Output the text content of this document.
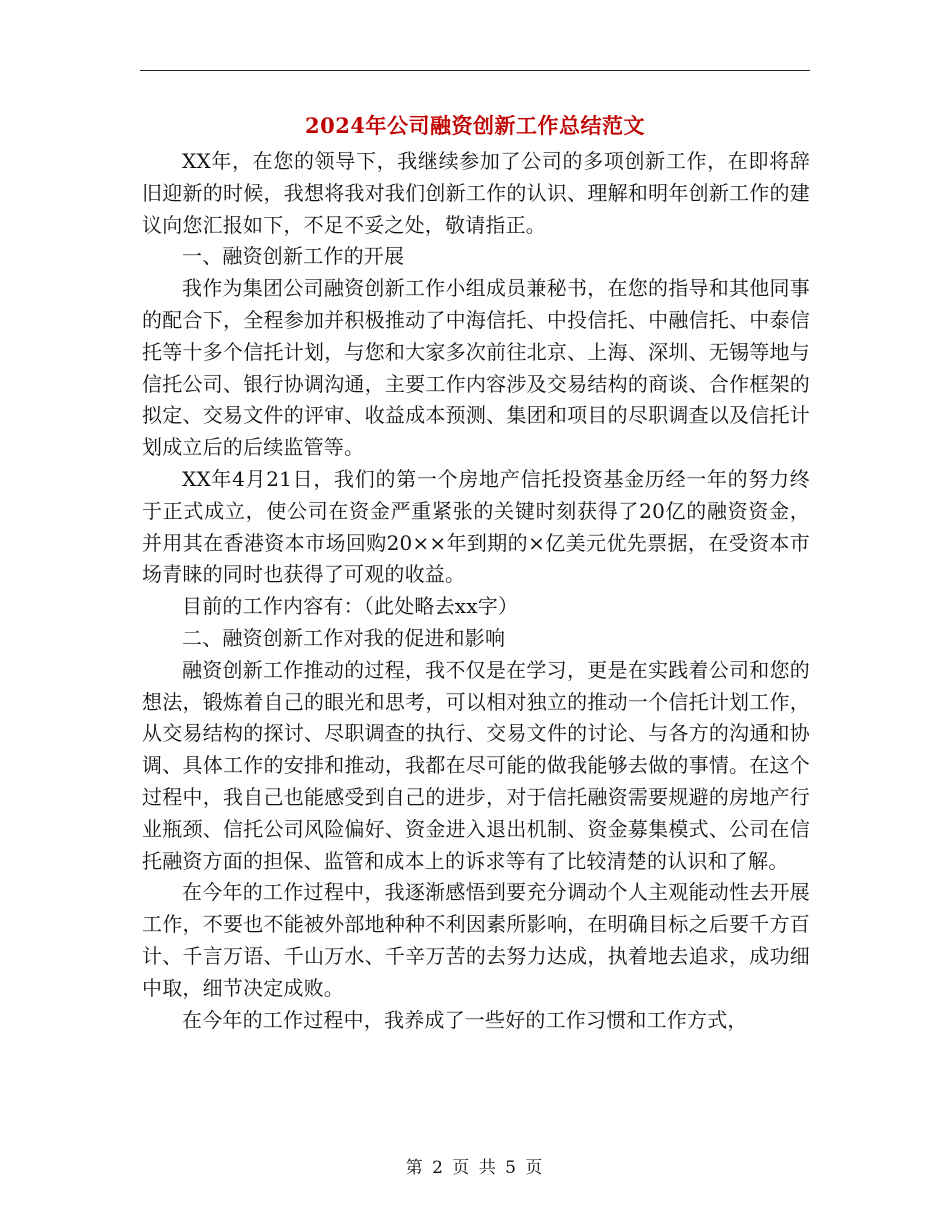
2024年公司融资创新工作总结范文

XX年，在您的领导下，我继续参加了公司的多项创新工作，在即将辞旧迎新的时候，我想将我对我们创新工作的认识、理解和明年创新工作的建议向您汇报如下，不足不妥之处，敬请指正。

一、融资创新工作的开展

我作为集团公司融资创新工作小组成员兼秘书，在您的指导和其他同事的配合下，全程参加并积极推动了中海信托、中投信托、中融信托、中泰信托等十多个信托计划，与您和大家多次前往北京、上海、深圳、无锡等地与信托公司、银行协调沟通，主要工作内容涉及交易结构的商谈、合作框架的拟定、交易文件的评审、收益成本预测、集团和项目的尽职调查以及信托计划成立后的后续监管等。

XX年4月21日，我们的第一个房地产信托投资基金历经一年的努力终于正式成立，使公司在资金严重紧张的关键时刻获得了20亿的融资资金，并用其在香港资本市场回购20××年到期的×亿美元优先票据，在受资本市场青睐的同时也获得了可观的收益。

目前的工作内容有：（此处略去xx字）

二、融资创新工作对我的促进和影响

融资创新工作推动的过程，我不仅是在学习，更是在实践着公司和您的想法，锻炼着自己的眼光和思考，可以相对独立的推动一个信托计划工作，从交易结构的探讨、尽职调查的执行、交易文件的讨论、与各方的沟通和协调、具体工作的安排和推动，我都在尽可能的做我能够去做的事情。在这个过程中，我自己也能感受到自己的进步，对于信托融资需要规避的房地产行业瓶颈、信托公司风险偏好、资金进入退出机制、资金募集模式、公司在信托融资方面的担保、监管和成本上的诉求等有了比较清楚的认识和了解。

在今年的工作过程中，我逐渐感悟到要充分调动个人主观能动性去开展工作，不要也不能被外部地种种不利因素所影响，在明确目标之后要千方百计、千言万语、千山万水、千辛万苦的去努力达成，执着地去追求，成功细中取，细节决定成败。

在今年的工作过程中，我养成了一些好的工作习惯和工作方式，

第 2 页 共 5 页
